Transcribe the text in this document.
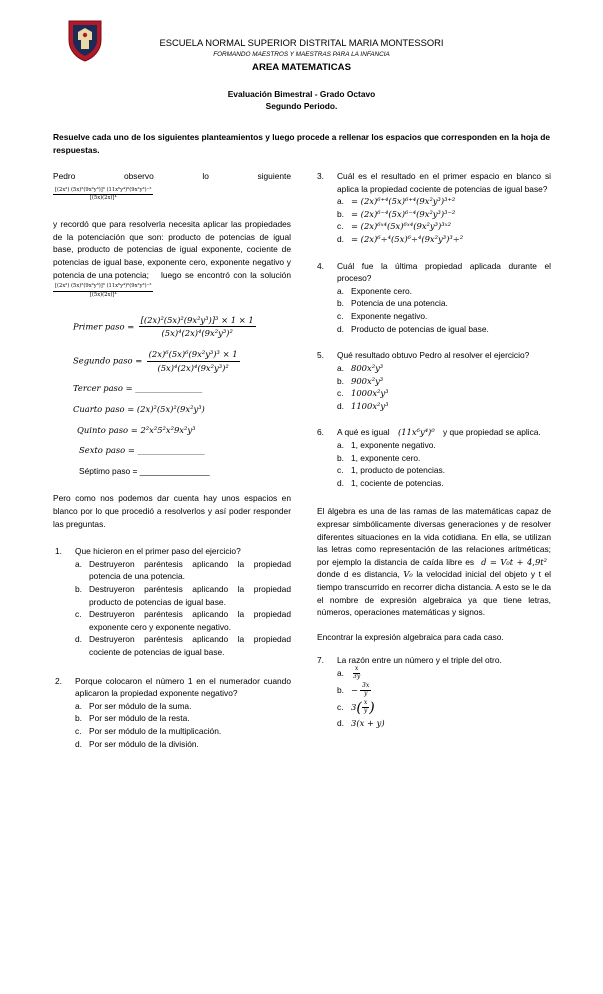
ESCUELA NORMAL SUPERIOR DISTRITAL MARIA MONTESSORI
FORMANDO MAESTROS Y MAESTRAS PARA LA INFANCIA
AREA MATEMATICAS
Evaluación Bimestral - Grado Octavo
Segundo Periodo.
Resuelve cada uno de los siguientes planteamientos y luego procede a rellenar los espacios que corresponden en la hoja de respuestas.
Pedro	observo	lo	siguiente
$\frac{\text{[(2x²) (5x)²(9x²y³)]³ (11x⁶y⁴)⁰(9x²y³)⁻²}}{\text{[(5x)(2x)]⁴}}$

y recordó que para resolverla necesita aplicar las propiedades de la potenciación que son: producto de potencias de igual base, producto de potencias de igual exponente, cociente de potencias de igual base, exponente cero, exponente negativo y potencia de una potencia;	luego se encontró con la solución
$\frac{\text{[(2x²) (5x)²(9x²y³)]³ (11x⁶y⁴)⁰(9x²y³)⁻²}}{\text{[(5x)(2x)]⁴}}$
Primer paso = $\frac{\text{[(2x)²(5x)²(9x²y³)]³ × 1 × 1}}{\text{(5x)⁴(2x)⁴(9x²y³)²}}$
Segundo paso = $\frac{\text{(2x)⁶(5x)⁶(9x²y³)³ × 1}}{\text{(5x)⁴(2x)⁴(9x²y³)²}}$
Tercer paso = ________________
Cuarto paso = (2x)²(5x)²(9x²y³)
Quinto paso = 2²x²5²x²9x²y³
Sexto paso = ________________
Séptimo paso = _______________

Pero como nos podemos dar cuenta hay unos espacios en blanco por lo que procedió a resolverlos y así poder responder las preguntas.

1.	Que hicieron en el primer paso del ejercicio?
a. Destruyeron paréntesis aplicando la propiedad potencia de una potencia.
b. Destruyeron paréntesis aplicando la propiedad producto de potencias de igual base.
c. Destruyeron paréntesis aplicando la propiedad exponente cero y exponente negativo.
d. Destruyeron paréntesis aplicando la propiedad cociente de potencias de igual base.
2.	Porque colocaron el número 1 en el numerador cuando aplicaron la propiedad exponente negativo?
a. Por ser módulo de la suma.
b. Por ser módulo de la resta.
c. Por ser módulo de la multiplicación.
d. Por ser módulo de la división.
3.	Cuál es el resultado en el primer espacio en blanco si aplica la propiedad cociente de potencias de igual base?
a. = (2x)⁶⁺⁴(5x)⁶⁺⁴(9x²y³)³⁺²
b. = (2x)⁶⁻⁴(5x)⁶⁻⁴(9x²y³)³⁻²
c. = (2x)⁶ˣ⁴(5x)⁶ˣ⁴(9x²y³)³ˣ²
d. = (2x)⁶÷⁴(5x)⁶÷⁴(9x²y³)³÷²
4.	Cuál fue la última propiedad aplicada durante el proceso?
a. Exponente cero.
b. Potencia de una potencia.
c. Exponente negativo.
d. Producto de potencias de igual base.
5.	Qué resultado obtuvo Pedro al resolver el ejercicio?
a. 800x²y³
b. 900x²y³
c. 1000x²y³
d. 1100x²y³
6.	A qué es igual (11x⁶y⁴)⁰ y que propiedad se aplica.
a. 1, exponente negativo.
b. 1, exponente cero.
c. 1, producto de potencias.
d. 1, cociente de potencias.

El álgebra es una de las ramas de las matemáticas capaz de expresar simbólicamente diversas generaciones y de resolver diferentes situaciones en la vida cotidiana. En ella, se utilizan las letras como representación de las relaciones aritméticas; por ejemplo la distancia de caída libre es d = V₀t + 4,9t² donde d es distancia, V₀ la velocidad inicial del objeto y t el tiempo transcurrido en recorrer dicha distancia. A esto se le da el nombre de expresión algebraica ya que tiene letras, números, operaciones matemáticas y signos.

Encontrar la expresión algebraica para cada caso.

7.	La razón entre un número y el triple del otro.
a.	$\frac{x}{3y}$
b. − $\frac{3x}{y}$
c. 3 ( $\frac{x}{y}$ )
d. 3(x + y)
